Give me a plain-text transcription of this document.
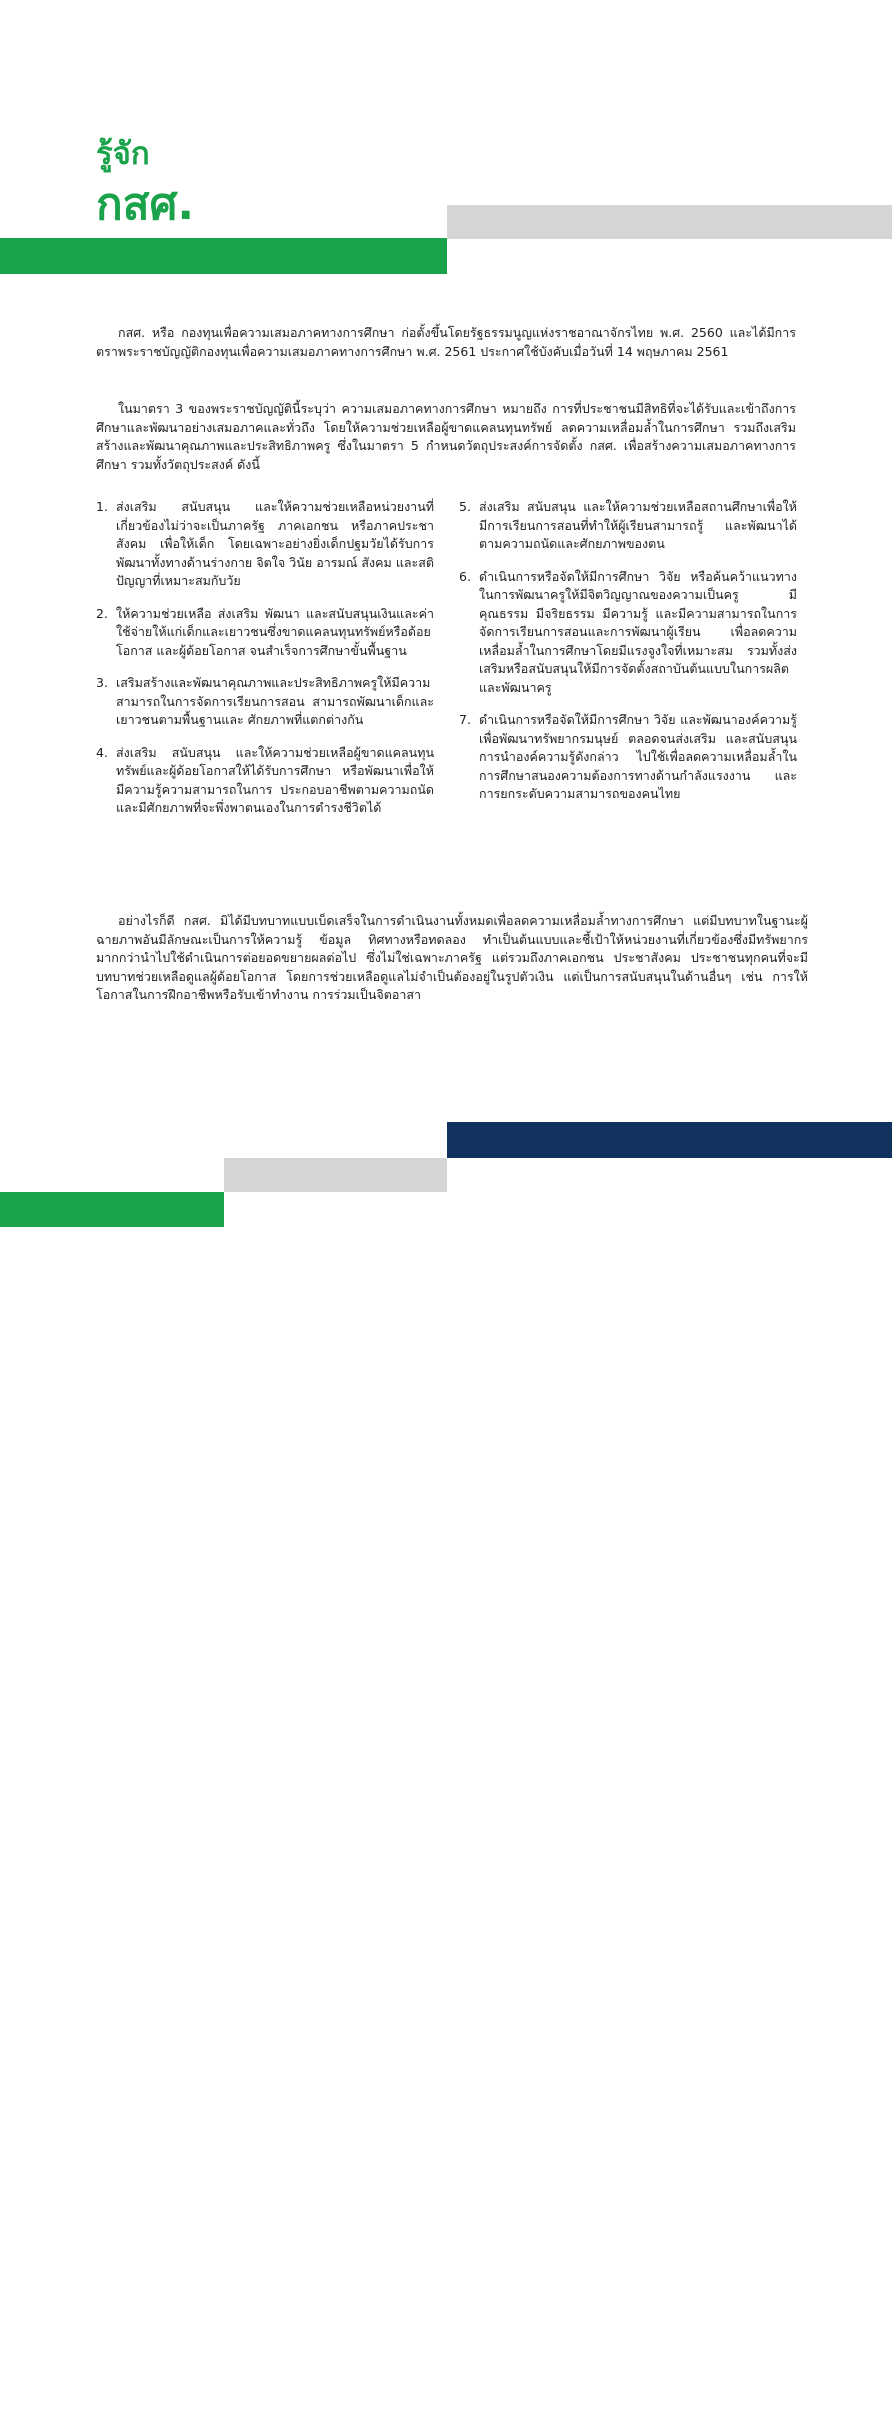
รู้จัก
กสศ.

กสศ. หรือ กองทุนเพื่อความเสมอภาคทางการศึกษา ก่อตั้งขึ้นโดยรัฐธรรมนูญแห่งราชอาณาจักรไทย พ.ศ. 2560 และได้มีการตราพระราชบัญญัติกองทุนเพื่อความเสมอภาคทางการศึกษา พ.ศ. 2561 ประกาศใช้บังคับเมื่อวันที่ 14 พฤษภาคม 2561

ในมาตรา 3 ของพระราชบัญญัตินี้ระบุว่า ความเสมอภาคทางการศึกษา หมายถึง การที่ประชาชนมีสิทธิที่จะได้รับและเข้าถึงการศึกษาและพัฒนาอย่างเสมอภาคและทั่วถึง โดยให้ความช่วยเหลือผู้ขาดแคลนทุนทรัพย์ ลดความเหลื่อมล้ำในการศึกษา รวมถึงเสริมสร้างและพัฒนาคุณภาพและประสิทธิภาพครู ซึ่งในมาตรา 5 กำหนดวัตถุประสงค์การจัดตั้ง กสศ. เพื่อสร้างความเสมอภาคทางการศึกษา รวมทั้งวัตถุประสงค์ ดังนี้

1. ส่งเสริม สนับสนุน และให้ความช่วยเหลือหน่วยงานที่เกี่ยวข้องไม่ว่าจะเป็นภาครัฐ ภาคเอกชน หรือภาคประชาสังคม เพื่อให้เด็ก โดยเฉพาะอย่างยิ่งเด็กปฐมวัยได้รับการพัฒนาทั้งทางด้านร่างกาย จิตใจ วินัย อารมณ์ สังคม และสติปัญญาที่เหมาะสมกับวัย
2. ให้ความช่วยเหลือ ส่งเสริม พัฒนา และสนับสนุนเงินและค่าใช้จ่ายให้แก่เด็กและเยาวชนซึ่งขาดแคลนทุนทรัพย์หรือด้อยโอกาส และผู้ด้อยโอกาส จนสำเร็จการศึกษาขั้นพื้นฐาน
3. เสริมสร้างและพัฒนาคุณภาพและประสิทธิภาพครูให้มีความสามารถในการจัดการเรียนการสอน สามารถพัฒนาเด็กและเยาวชนตามพื้นฐานและ ศักยภาพที่แตกต่างกัน
4. ส่งเสริม สนับสนุน และให้ความช่วยเหลือผู้ขาดแคลนทุนทรัพย์และผู้ด้อยโอกาสให้ได้รับการศึกษา หรือพัฒนาเพื่อให้มีความรู้ความสามารถในการ ประกอบอาชีพตามความถนัด และมีศักยภาพที่จะพึ่งพาตนเองในการดำรงชีวิตได้
5. ส่งเสริม สนับสนุน และให้ความช่วยเหลือสถานศึกษาเพื่อให้มีการเรียนการสอนที่ทำให้ผู้เรียนสามารถรู้ และพัฒนาได้ตามความถนัดและศักยภาพของตน
6. ดำเนินการหรือจัดให้มีการศึกษา วิจัย หรือค้นคว้าแนวทางในการพัฒนาครูให้มีจิตวิญญาณของความเป็นครู มีคุณธรรม มีจริยธรรม มีความรู้ และมีความสามารถในการจัดการเรียนการสอนและการพัฒนาผู้เรียน เพื่อลดความเหลื่อมล้ำในการศึกษาโดยมีแรงจูงใจที่เหมาะสม รวมทั้งส่งเสริมหรือสนับสนุนให้มีการจัดตั้งสถาบันต้นแบบในการผลิตและพัฒนาครู
7. ดำเนินการหรือจัดให้มีการศึกษา วิจัย และพัฒนาองค์ความรู้เพื่อพัฒนาทรัพยากรมนุษย์ ตลอดจนส่งเสริม และสนับสนุนการนำองค์ความรู้ดังกล่าว ไปใช้เพื่อลดความเหลื่อมล้ำในการศึกษาสนองความต้องการทางด้านกำลังแรงงาน และการยกระดับความสามารถของคนไทย

อย่างไรก็ดี กสศ. มิได้มีบทบาทแบบเบ็ดเสร็จในการดำเนินงานทั้งหมดเพื่อลดความเหลื่อมล้ำทางการศึกษา แต่มีบทบาทในฐานะผู้ฉายภาพอันมีลักษณะเป็นการให้ความรู้ ข้อมูล ทิศทางหรือทดลอง ทำเป็นต้นแบบและชี้เป้าให้หน่วยงานที่เกี่ยวข้องซึ่งมีทรัพยากรมากกว่านำไปใช้ดำเนินการต่อยอดขยายผลต่อไป ซึ่งไม่ใช่เฉพาะภาครัฐ แต่รวมถึงภาคเอกชน ประชาสังคม ประชาชนทุกคนที่จะมีบทบาทช่วยเหลือดูแลผู้ด้อยโอกาส โดยการช่วยเหลือดูแลไม่จำเป็นต้องอยู่ในรูปตัวเงิน แต่เป็นการสนับสนุนในด้านอื่นๆ เช่น การให้โอกาสในการฝึกอาชีพหรือรับเข้าทำงาน การร่วมเป็นจิตอาสา

4
